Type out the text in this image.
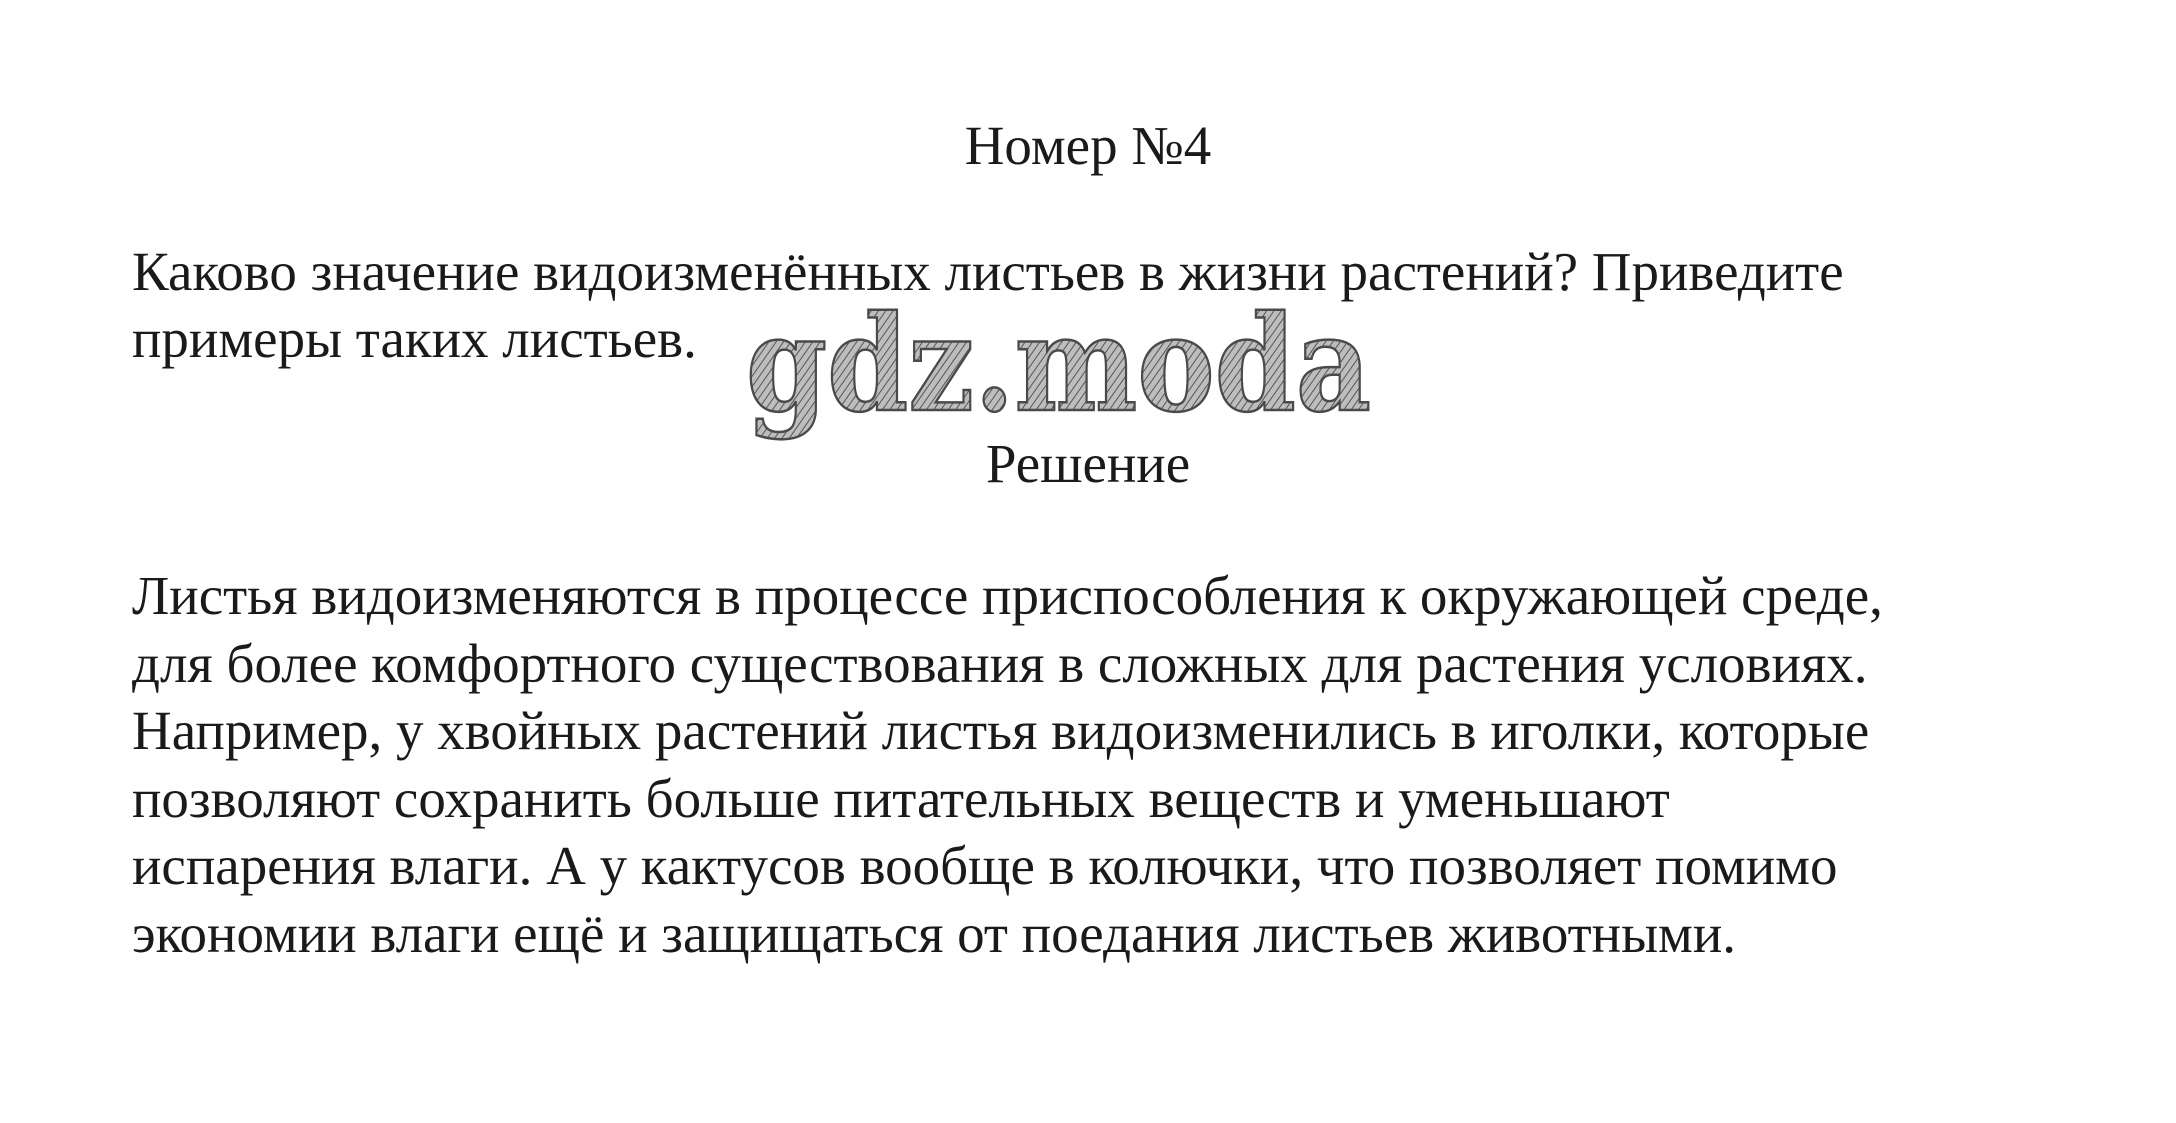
Номер №4

Каково значение видоизменённых листьев в жизни растений? Приведите
примеры таких листьев. gdz.moda
Решение

Листья видоизменяются в процессе приспособления к окружающей среде,
для более комфортного существования в сложных для растения условиях.
Например, у хвойных растений листья видоизменились в иголки, которые
позволяют сохранить больше питательных веществ и уменьшают
испарения влаги. А у кактусов вообще в колючки, что позволяет помимо
экономии влаги ещё и защищаться от поедания листьев животными.
